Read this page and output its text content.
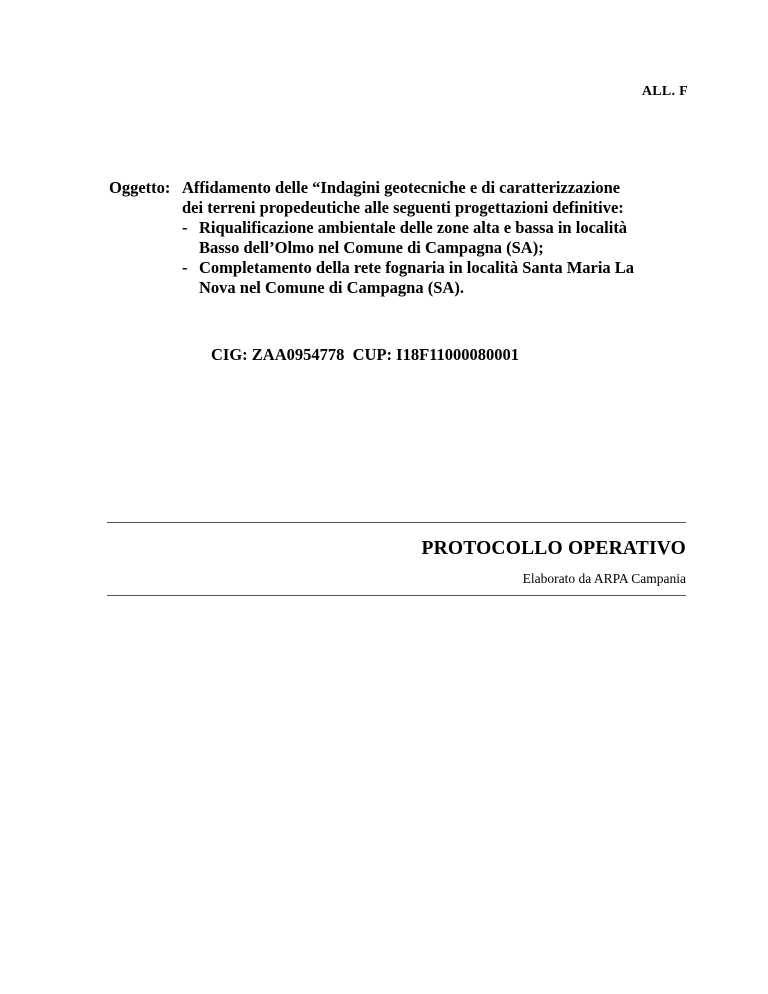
ALL. F
Oggetto: Affidamento delle “Indagini geotecniche e di caratterizzazione
dei terreni propedeutiche alle seguenti progettazioni definitive:
- Riqualificazione ambientale delle zone alta e bassa in località
Basso dell’Olmo nel Comune di Campagna (SA);
- Completamento della rete fognaria in località Santa Maria La
Nova nel Comune di Campagna (SA).
CIG: ZAA0954778  CUP: I18F11000080001
PROTOCOLLO OPERATIVO
Elaborato da ARPA Campania
